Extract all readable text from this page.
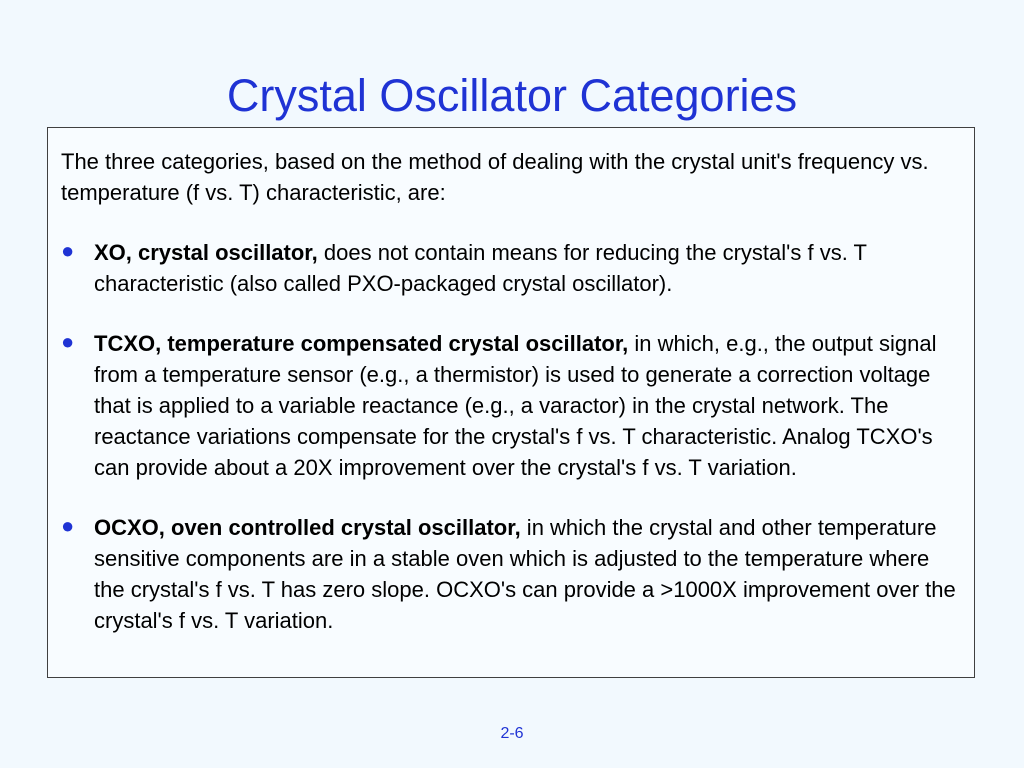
Crystal Oscillator Categories

The three categories, based on the method of dealing with the crystal unit's frequency vs. temperature (f vs. T) characteristic, are:

● XO, crystal oscillator, does not contain means for reducing the crystal's f vs. T characteristic (also called PXO-packaged crystal oscillator).
● TCXO, temperature compensated crystal oscillator, in which, e.g., the output signal from a temperature sensor (e.g., a thermistor) is used to generate a correction voltage that is applied to a variable reactance (e.g., a varactor) in the crystal network. The reactance variations compensate for the crystal's f vs. T characteristic. Analog TCXO's can provide about a 20X improvement over the crystal's f vs. T variation.
● OCXO, oven controlled crystal oscillator, in which the crystal and other temperature sensitive components are in a stable oven which is adjusted to the temperature where the crystal's f vs. T has zero slope. OCXO's can provide a >1000X improvement over the crystal's f vs. T variation.
2-6
